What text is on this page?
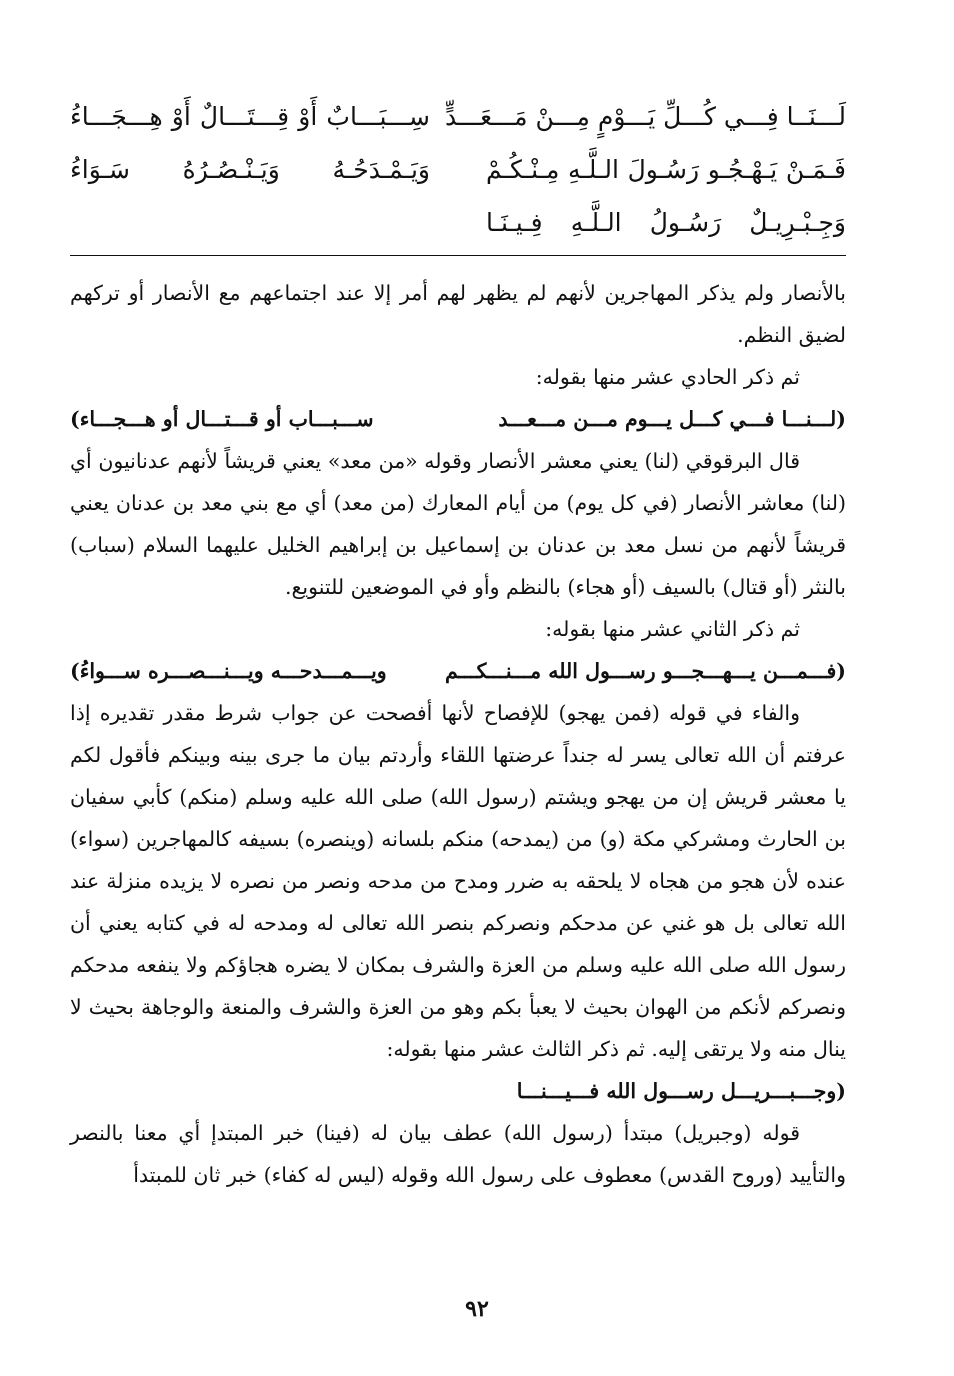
لَـــنَــا فِـــي كُـــلِّ يَـــوْمٍ مِـــنْ مَـــعَـــدٍّ
سِـــبَـــابٌ أَوْ قِـــتَـــالٌ أَوْ هِـــجَـــاءُ
فَـمَـنْ يَـهْـجُـو رَسُـولَ الـلَّـهِ مِـنْـكُـمْ
وَيَـمْـدَحُـهُ وَيَـنْـصُـرُهُ سَـوَاءُ
وَجِـبْـرِيـلٌ رَسُـولُ الـلَّـهِ فِـيـنَـا

بالأنصار ولم يذكر المهاجرين لأنهم لم يظهر لهم أمر إلا عند اجتماعهم مع الأنصار أو تركهم لضيق النظم.

ثم ذكر الحادي عشر منها بقوله:

(لـــنـــا فـــي كـــل يـــوم مـــن مـــعـــد
ســـبـــاب أو قـــتـــال أو هـــجـــاء)

قال البرقوقي (لنا) يعني معشر الأنصار وقوله «من معد» يعني قريشاً لأنهم عدنانيون أي (لنا) معاشر الأنصار (في كل يوم) من أيام المعارك (من معد) أي مع بني معد بن عدنان يعني قريشاً لأنهم من نسل معد بن عدنان بن إسماعيل بن إبراهيم الخليل عليهما السلام (سباب) بالنثر (أو قتال) بالسيف (أو هجاء) بالنظم وأو في الموضعين للتنويع.

ثم ذكر الثاني عشر منها بقوله:

(فـــمـــن يـــهـــجـــو رســـول الله مـــنـــكـــم
ويـــمـــدحـــه ويـــنـــصـــره ســـواءُ)

والفاء في قوله (فمن يهجو) للإفصاح لأنها أفصحت عن جواب شرط مقدر تقديره إذا عرفتم أن الله تعالى يسر له جنداً عرضتها اللقاء وأردتم بيان ما جرى بينه وبينكم فأقول لكم يا معشر قريش إن من يهجو ويشتم (رسول الله) صلى الله عليه وسلم (منكم) كأبي سفيان بن الحارث ومشركي مكة (و) من (يمدحه) منكم بلسانه (وينصره) بسيفه كالمهاجرين (سواء) عنده لأن هجو من هجاه لا يلحقه به ضرر ومدح من مدحه ونصر من نصره لا يزيده منزلة عند الله تعالى بل هو غني عن مدحكم ونصركم بنصر الله تعالى له ومدحه له في كتابه يعني أن رسول الله صلى الله عليه وسلم من العزة والشرف بمكان لا يضره هجاؤكم ولا ينفعه مدحكم ونصركم لأنكم من الهوان بحيث لا يعبأ بكم وهو من العزة والشرف والمنعة والوجاهة بحيث لا ينال منه ولا يرتقى إليه. ثم ذكر الثالث عشر منها بقوله:

(وجـــبـــريـــل رســـول الله فـــيـــنـــا

قوله (وجبريل) مبتدأ (رسول الله) عطف بيان له (فينا) خبر المبتدإ أي معنا بالنصر والتأييد (وروح القدس) معطوف على رسول الله وقوله (ليس له كفاء) خبر ثان للمبتدأ

٩٢
